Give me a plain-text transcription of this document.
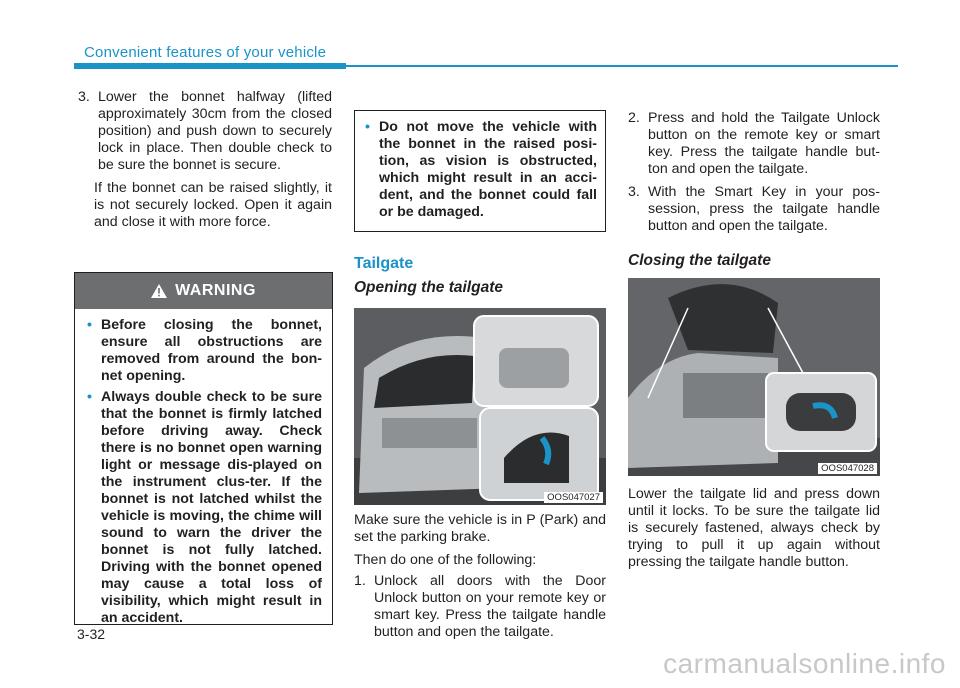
Convenient features of your vehicle
3. Lower the bonnet halfway (lifted approximately 30cm from the closed position) and push down to securely lock in place. Then double check to be sure the bonnet is secure.
If the bonnet can be raised slightly, it is not securely locked. Open it again and close it with more force.
WARNING
• Before closing the bonnet, ensure all obstructions are removed from around the bon-net opening.
• Always double check to be sure that the bonnet is firmly latched before driving away. Check there is no bonnet open warning light or message dis-played on the instrument clus-ter. If the bonnet is not latched whilst the vehicle is moving, the chime will sound to warn the driver the bonnet is not fully latched. Driving with the bonnet opened may cause a total loss of visibility, which might result in an accident.
• Do not move the vehicle with the bonnet in the raised posi-tion, as vision is obstructed, which might result in an acci-dent, and the bonnet could fall or be damaged.
Tailgate
Opening the tailgate
OOS047027
Make sure the vehicle is in P (Park) and set the parking brake.
Then do one of the following:
1. Unlock all doors with the Door Unlock button on your remote key or smart key. Press the tailgate handle button and open the tailgate.
2. Press and hold the Tailgate Unlock button on the remote key or smart key. Press the tailgate handle but-ton and open the tailgate.
3. With the Smart Key in your pos-session, press the tailgate handle button and open the tailgate.
Closing the tailgate
OOS047028
Lower the tailgate lid and press down until it locks. To be sure the tailgate lid is securely fastened, always check by trying to pull it up again without pressing the tailgate handle button.
3-32
carmanualsonline.info
